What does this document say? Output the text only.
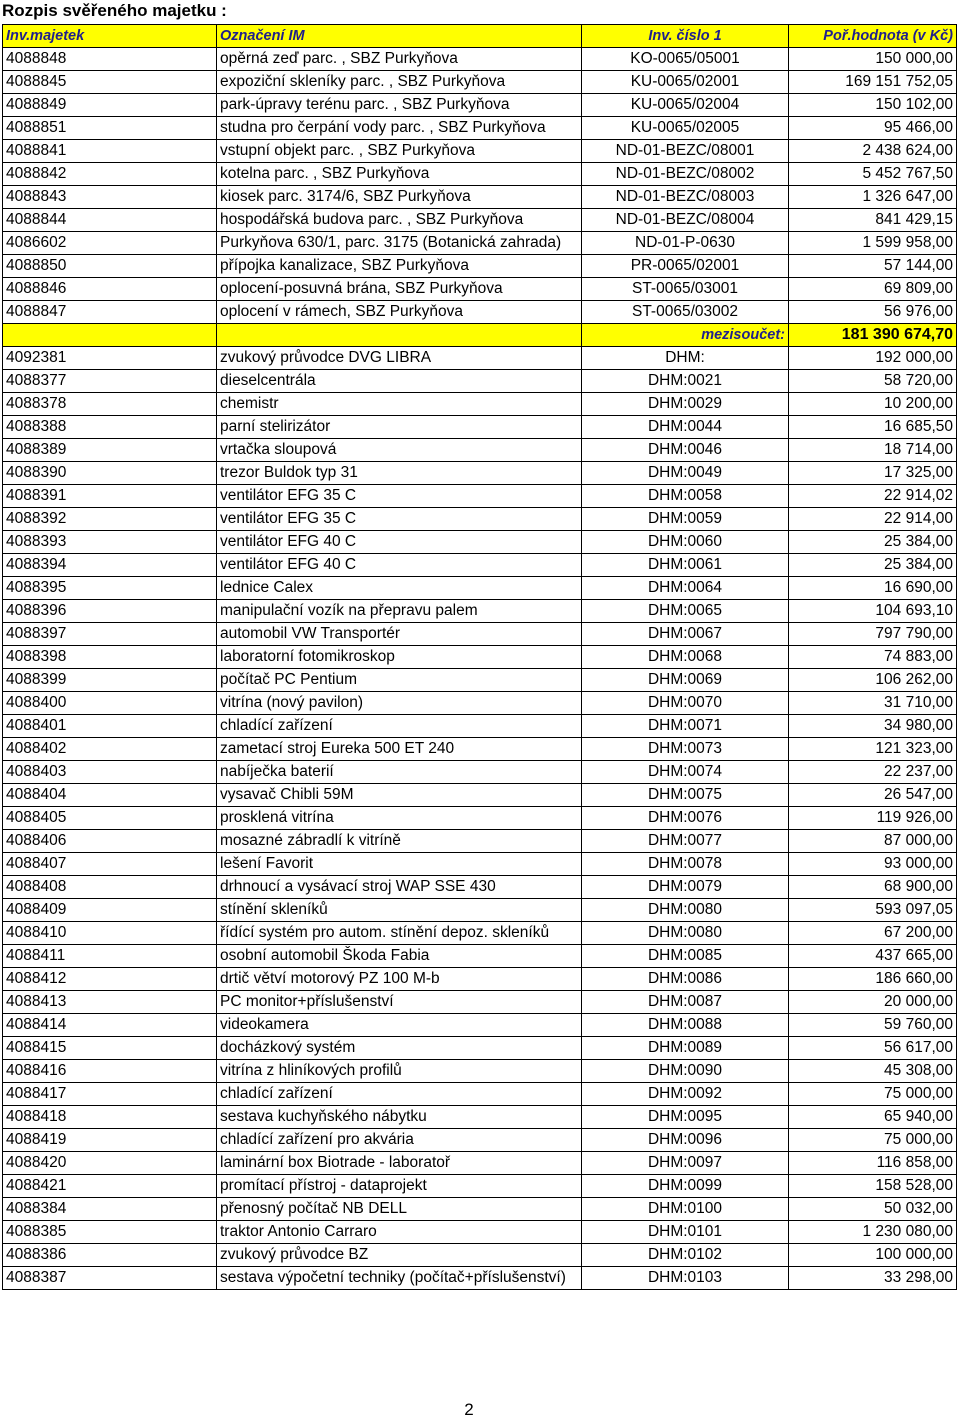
Rozpis svěřeného majetku :
Inv.majetek	Označení IM	Inv. číslo 1	Poř.hodnota (v Kč)
4088848	opěrná zeď parc. , SBZ Purkyňova	KO-0065/05001	150 000,00
4088845	expoziční skleníky parc. , SBZ Purkyňova	KU-0065/02001	169 151 752,05
4088849	park-úpravy terénu parc. , SBZ Purkyňova	KU-0065/02004	150 102,00
4088851	studna pro čerpání vody parc. , SBZ Purkyňova	KU-0065/02005	95 466,00
4088841	vstupní objekt parc. , SBZ Purkyňova	ND-01-BEZC/08001	2 438 624,00
4088842	kotelna parc. , SBZ Purkyňova	ND-01-BEZC/08002	5 452 767,50
4088843	kiosek parc. 3174/6, SBZ Purkyňova	ND-01-BEZC/08003	1 326 647,00
4088844	hospodářská budova parc. , SBZ Purkyňova	ND-01-BEZC/08004	841 429,15
4086602	Purkyňova 630/1, parc. 3175 (Botanická zahrada)	ND-01-P-0630	1 599 958,00
4088850	přípojka kanalizace, SBZ Purkyňova	PR-0065/02001	57 144,00
4088846	oplocení-posuvná brána, SBZ Purkyňova	ST-0065/03001	69 809,00
4088847	oplocení v rámech, SBZ Purkyňova	ST-0065/03002	56 976,00
		mezisoučet:	181 390 674,70
4092381	zvukový průvodce DVG LIBRA	DHM:	192 000,00
4088377	dieselcentrála	DHM:0021	58 720,00
4088378	chemistr	DHM:0029	10 200,00
4088388	parní stelirizátor	DHM:0044	16 685,50
4088389	vrtačka sloupová	DHM:0046	18 714,00
4088390	trezor Buldok typ 31	DHM:0049	17 325,00
4088391	ventilátor EFG 35 C	DHM:0058	22 914,02
4088392	ventilátor EFG 35 C	DHM:0059	22 914,00
4088393	ventilátor EFG 40 C	DHM:0060	25 384,00
4088394	ventilátor EFG 40 C	DHM:0061	25 384,00
4088395	lednice Calex	DHM:0064	16 690,00
4088396	manipulační vozík na přepravu palem	DHM:0065	104 693,10
4088397	automobil VW Transportér	DHM:0067	797 790,00
4088398	laboratorní fotomikroskop	DHM:0068	74 883,00
4088399	počítač PC Pentium	DHM:0069	106 262,00
4088400	vitrína (nový pavilon)	DHM:0070	31 710,00
4088401	chladící zařízení	DHM:0071	34 980,00
4088402	zametací stroj Eureka 500 ET 240	DHM:0073	121 323,00
4088403	nabíječka baterií	DHM:0074	22 237,00
4088404	vysavač Chibli 59M	DHM:0075	26 547,00
4088405	prosklená vitrína	DHM:0076	119 926,00
4088406	mosazné zábradlí k vitríně	DHM:0077	87 000,00
4088407	lešení Favorit	DHM:0078	93 000,00
4088408	drhnoucí a vysávací stroj WAP SSE 430	DHM:0079	68 900,00
4088409	stínění skleníků	DHM:0080	593 097,05
4088410	řídící systém pro autom. stínění depoz. skleníků	DHM:0080	67 200,00
4088411	osobní automobil Škoda Fabia	DHM:0085	437 665,00
4088412	drtič větví motorový PZ 100 M-b	DHM:0086	186 660,00
4088413	PC monitor+příslušenství	DHM:0087	20 000,00
4088414	videokamera	DHM:0088	59 760,00
4088415	docházkový systém	DHM:0089	56 617,00
4088416	vitrína z hliníkových profilů	DHM:0090	45 308,00
4088417	chladící zařízení	DHM:0092	75 000,00
4088418	sestava kuchyňského nábytku	DHM:0095	65 940,00
4088419	chladící zařízení pro akvária	DHM:0096	75 000,00
4088420	laminární box Biotrade - laboratoř	DHM:0097	116 858,00
4088421	promítací přístroj - dataprojekt	DHM:0099	158 528,00
4088384	přenosný počítač NB DELL	DHM:0100	50 032,00
4088385	traktor Antonio Carraro	DHM:0101	1 230 080,00
4088386	zvukový průvodce BZ	DHM:0102	100 000,00
4088387	sestava výpočetní techniky (počítač+příslušenství)	DHM:0103	33 298,00
2
